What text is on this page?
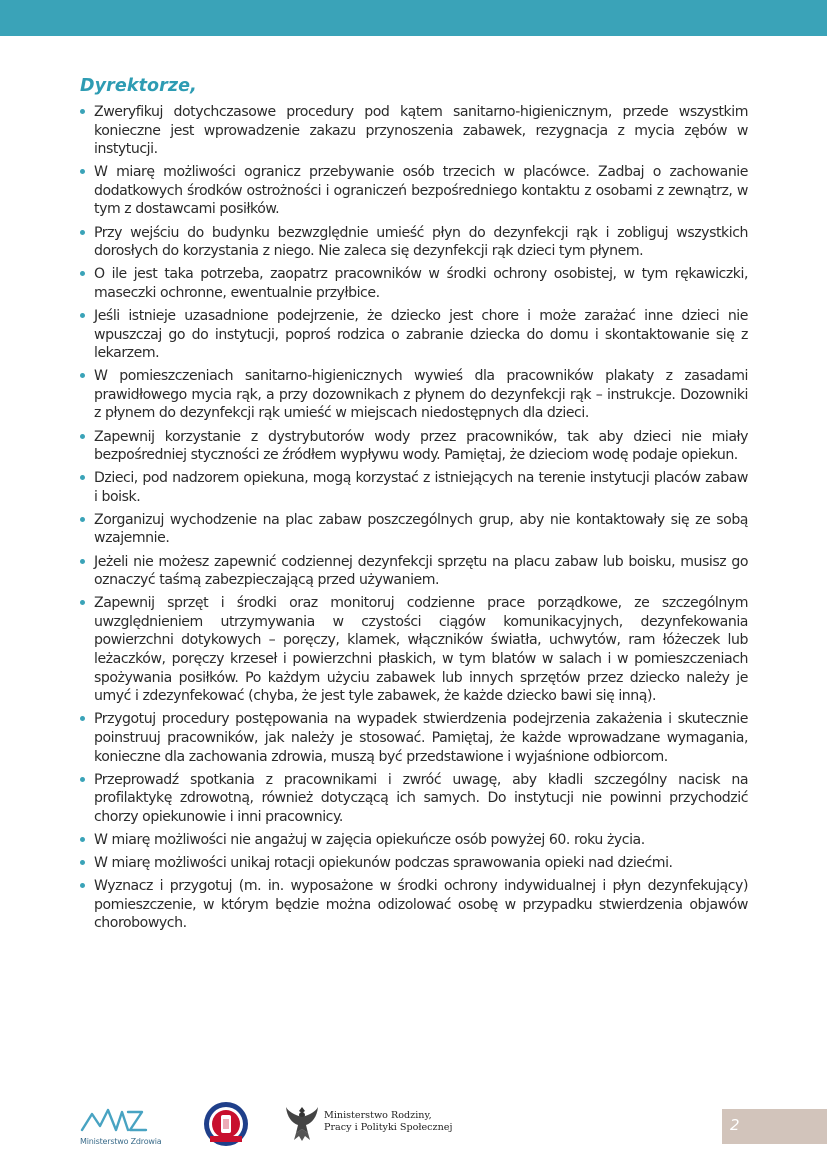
Dyrektorze,
Zweryfikuj dotychczasowe procedury pod kątem sanitarno-higienicznym, przede wszystkim konieczne jest wprowadzenie zakazu przynoszenia zabawek, rezygnacja z mycia zębów w instytucji.
W miarę możliwości ogranicz przebywanie osób trzecich w placówce. Zadbaj o zachowanie dodatkowych środków ostrożności i ograniczeń bezpośredniego kontaktu z osobami z zewnątrz, w tym z dostawcami posiłków.
Przy wejściu do budynku bezwzględnie umieść płyn do dezynfekcji rąk i zobliguj wszystkich dorosłych do korzystania z niego. Nie zaleca się dezynfekcji rąk dzieci tym płynem.
O ile jest taka potrzeba, zaopatrz pracowników w środki ochrony osobistej, w tym rękawiczki, maseczki ochronne, ewentualnie przyłbice.
Jeśli istnieje uzasadnione podejrzenie, że dziecko jest chore i może zarażać inne dzieci nie wpuszczaj go do instytucji, poproś rodzica o zabranie dziecka do domu i skontaktowanie się z lekarzem.
W pomieszczeniach sanitarno-higienicznych wywieś dla pracowników plakaty z zasadami prawidłowego mycia rąk, a przy dozownikach z płynem do dezynfekcji rąk – instrukcje. Dozowniki z płynem do dezynfekcji rąk umieść w miejscach niedostępnych dla dzieci.
Zapewnij korzystanie z dystrybutorów wody przez pracowników, tak aby dzieci nie miały bezpośredniej styczności ze źródłem wypływu wody. Pamiętaj, że dzieciom wodę podaje opiekun.
Dzieci, pod nadzorem opiekuna, mogą korzystać z istniejących na terenie instytucji placów zabaw i boisk.
Zorganizuj wychodzenie na plac zabaw poszczególnych grup, aby nie kontaktowały się ze sobą wzajemnie.
Jeżeli nie możesz zapewnić codziennej dezynfekcji sprzętu na placu zabaw lub boisku, musisz go oznaczyć taśmą zabezpieczającą przed używaniem.
Zapewnij sprzęt i środki oraz monitoruj codzienne prace porządkowe, ze szczególnym uwzględnieniem utrzymywania w czystości ciągów komunikacyjnych, dezynfekowania powierzchni dotykowych – poręczy, klamek, włączników światła, uchwytów, ram łóżeczek lub leżaczków, poręczy krzeseł i powierzchni płaskich, w tym blatów w salach i w pomieszczeniach spożywania posiłków. Po każdym użyciu zabawek lub innych sprzętów przez dziecko należy je umyć i zdezynfekować (chyba, że jest tyle zabawek, że każde dziecko bawi się inną).
Przygotuj procedury postępowania na wypadek stwierdzenia podejrzenia zakażenia i skutecznie poinstruuj pracowników, jak należy je stosować. Pamiętaj, że każde wprowadzane wymagania, konieczne dla zachowania zdrowia, muszą być przedstawione i wyjaśnione odbiorcom.
Przeprowadź spotkania z pracownikami i zwróć uwagę, aby kładli szczególny nacisk na profilaktykę zdrowotną, również dotyczącą ich samych. Do instytucji nie powinni przychodzić chorzy opiekunowie i inni pracownicy.
W miarę możliwości nie angażuj w zajęcia opiekuńcze osób powyżej 60. roku życia.
W miarę możliwości unikaj rotacji opiekunów podczas sprawowania opieki nad dziećmi.
Wyznacz i przygotuj (m. in. wyposażone w środki ochrony indywidualnej i płyn dezynfekujący) pomieszczenie, w którym będzie można odizolować osobę w przypadku stwierdzenia objawów chorobowych.
Ministerstwo Zdrowia
Ministerstwo Rodziny,
Pracy i Polityki Społecznej	2
